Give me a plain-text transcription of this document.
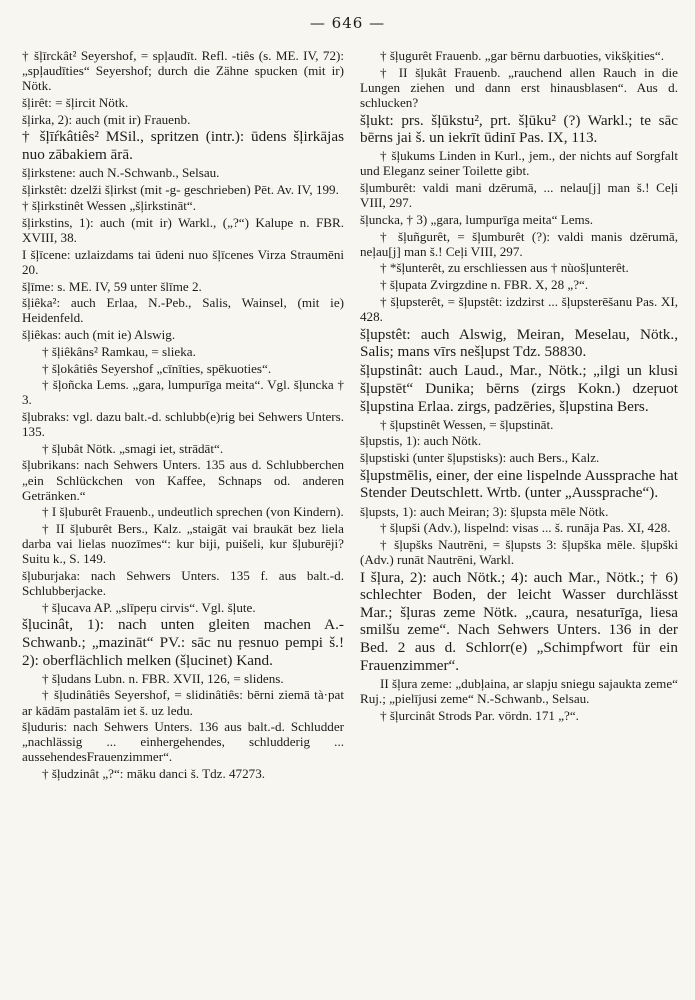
— 646 —

† šļīrckât² Seyershof, = spļaudīt. Refl. -tiês (s. ME. IV, 72): „spļaudīties“ Seyershof; durch die Zähne spucken (mit ir) Nötk.

šļirêt: = šļircit Nötk.

šļirka, 2): auch (mit ir) Frauenb.

† šļīŕkâtiês² MSil., spritzen (intr.): ūdens šļirkājas nuo zābakiem ārā.

šļirkstene: auch N.-Schwanb., Selsau.

šļirkstêt: dzelži šļirkst (mit -g- geschrieben) Pēt. Av. IV, 199.

† šļirkstinêt Wessen „šļirkstināt“.

šļirkstins, 1): auch (mit ir) Warkl., („?“) Kalupe n. FBR. XVIII, 38.

I šļīcene: uzlaizdams tai ūdeni nuo šļīcenes Virza Straumēni 20.

šļīme: s. ME. IV, 59 unter šlīme 2.

šļiêka²: auch Erlaa, N.-Peb., Salis, Wainsel, (mit ie) Heidenfeld.

šļiêkas: auch (mit ie) Alswig.

† šļiêkâns² Ramkau, = slieka.

† šļokâtiês Seyershof „cīnīties, spēkuoties“.

† šļoñcka Lems. „gara, lumpurīga meita“. Vgl. šļuncka † 3.

šļubraks: vgl. dazu balt.-d. schlubb(e)rig bei Sehwers Unters. 135.

† šļubât Nötk. „smagi iet, strādāt“.

šļubrikans: nach Sehwers Unters. 135 aus d. Schlubberchen „ein Schlückchen von Kaffee, Schnaps od. anderen Getränken.“

† I šļuburêt Frauenb., undeutlich sprechen (von Kindern).

† II šļuburêt Bers., Kalz. „staigāt vai braukāt bez liela darba vai lielas nuozīmes“: kur biji, puišeli, kur šļuburēji? Suitu k., S. 149.

šļuburjaka: nach Sehwers Unters. 135 f. aus balt.-d. Schlubberjacke.

† šļucava AP. „slīpeŗu cirvis“. Vgl. šļute.

šļucinât, 1): nach unten gleiten machen A.-Schwanb.; „mazināt“ PV.: sāc nu ŗesnuo pempi š.! 2): oberflächlich melken (šļucinet) Kand.

† šļudans Lubn. n. FBR. XVII, 126, = slidens.

† šļudinâtiês Seyershof, = slidinâtiês: bērni ziemā tà·pat ar kādām pastalām iet š. uz ledu.

šļuduris: nach Sehwers Unters. 136 aus balt.-d. Schludder „nachlässig ... einhergehendes, schludderig ... aussehendesFrauenzimmer“.

† šļudzinât „?“: māku danci š. Tdz. 47273.

† šļugurêt Frauenb. „gar bērnu darbuoties, vikšķities“.

† II šļukât Frauenb. „rauchend allen Rauch in die Lungen ziehen und dann erst hinausblasen“. Aus d. schlucken?

šļukt: prs. šļūkstu², prt. šļūku² (?) Warkl.; te sāc bērns jai š. un iekrīt ūdinī Pas. IX, 113.

† šļukums Linden in Kurl., jem., der nichts auf Sorgfalt und Eleganz seiner Toilette gibt.

šļumburêt: valdi mani dzērumā, ... nelau[j] man š.! Ceļi VIII, 297.

šļuncka, † 3) „gara, lumpurīga meita“ Lems.

† šļuñgurêt, = šļumburêt (?): valdi manis dzērumā, neļau[j] man š.! Ceļi VIII, 297.

† *šļunterêt, zu erschliessen aus † nùošļunterêt.

† šļupata Zvirgzdine n. FBR. X, 28 „?“.

† šļupsterêt, = šļupstêt: izdzirst ... šļupsterēšanu Pas. XI, 428.

šļupstêt: auch Alswig, Meiran, Meselau, Nötk., Salis; mans vīrs nešļupst Tdz. 58830.

šļupstinât: auch Laud., Mar., Nötk.; „ilgi un klusi šļupstēt“ Dunika; bērns (zirgs Kokn.) dzeŗuot šļupstina Erlaa. zirgs, padzēries, šļupstina Bers.

† šļupstinêt Wessen, = šļupstināt.

šļupstis, 1): auch Nötk.

šļupstiski (unter šļupstisks): auch Bers., Kalz.

šļupstmēlis, einer, der eine lispelnde Aussprache hat Stender Deutschlett. Wrtb. (unter „Aussprache“).

šļupsts, 1): auch Meiran; 3): šļupsta mēle Nötk.

† šļupši (Adv.), lispelnd: visas ... š. runāja Pas. XI, 428.

† šļupšks Nautrēni, = šļupsts 3: šļupška mēle. šļupški (Adv.) runāt Nautrēni, Warkl.

I šļura, 2): auch Nötk.; 4): auch Mar., Nötk.; † 6) schlechter Boden, der leicht Wasser durchlässt Mar.; šļuras zeme Nötk. „caura, nesaturīga, liesa smilšu zeme“. Nach Sehwers Unters. 136 in der Bed. 2 aus d. Schlorr(e) „Schimpfwort für ein Frauenzimmer“.

II šļura zeme: „dubļaina, ar slapju sniegu sajaukta zeme“ Ruj.; „pielījusi zeme“ N.-Schwanb., Selsau.

† šļurcinât Strods Par. vördn. 171 „?“.
